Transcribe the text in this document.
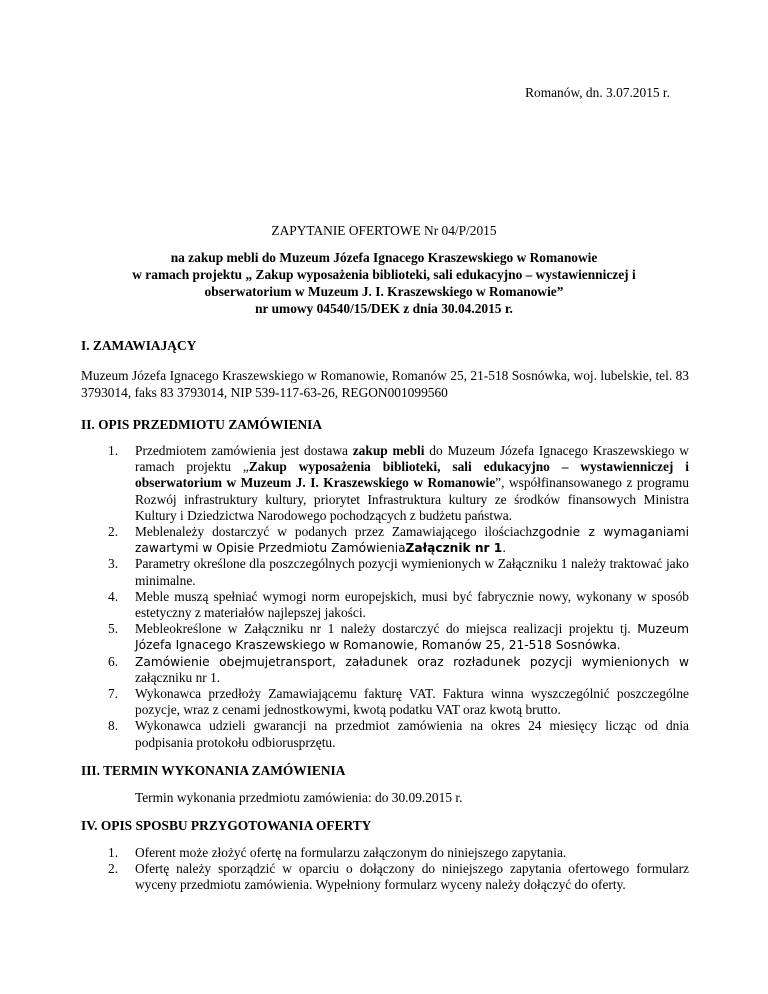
Romanów, dn. 3.07.2015 r.
ZAPYTANIE OFERTOWE Nr 04/P/2015
na zakup mebli do Muzeum Józefa Ignacego Kraszewskiego w Romanowie
w ramach projektu „ Zakup wyposażenia biblioteki, sali edukacyjno – wystawienniczej i
obserwatorium w Muzeum J. I. Kraszewskiego w Romanowie”
nr umowy 04540/15/DEK z dnia 30.04.2015 r.
I. ZAMAWIAJĄCY
Muzeum Józefa Ignacego Kraszewskiego w Romanowie, Romanów 25, 21-518 Sosnówka, woj. lubelskie, tel. 83 3793014, faks 83 3793014, NIP 539-117-63-26, REGON001099560
II. OPIS PRZEDMIOTU ZAMÓWIENIA
1. Przedmiotem zamówienia jest dostawa zakup mebli do Muzeum Józefa Ignacego Kraszewskiego w ramach projektu „Zakup wyposażenia biblioteki, sali edukacyjno – wystawienniczej i obserwatorium w Muzeum J. I. Kraszewskiego w Romanowie”, współfinansowanego z programu Rozwój infrastruktury kultury, priorytet Infrastruktura kultury ze środków finansowych Ministra Kultury i Dziedzictwa Narodowego pochodzących z budżetu państwa.
2. Meblenależy dostarczyć w podanych przez Zamawiającego ilościachzgodnie z wymaganiami zawartymi w Opisie Przedmiotu ZamówieniaZałącznik nr 1.
3. Parametry określone dla poszczególnych pozycji wymienionych w Załączniku 1 należy traktować jako minimalne.
4. Meble muszą spełniać wymogi norm europejskich, musi być fabrycznie nowy, wykonany w sposób estetyczny z materiałów najlepszej jakości.
5. Mebleokreślone w Załączniku nr 1 należy dostarczyć do miejsca realizacji projektu tj. Muzeum Józefa Ignacego Kraszewskiego w Romanowie, Romanów 25, 21-518 Sosnówka.
6. Zamówienie obejmujetransport, załadunek oraz rozładunek pozycji wymienionych w załączniku nr 1.
7. Wykonawca przedłoży Zamawiającemu fakturę VAT. Faktura winna wyszczególnić poszczególne pozycje, wraz z cenami jednostkowymi, kwotą podatku VAT oraz kwotą brutto.
8. Wykonawca udzieli gwarancji na przedmiot zamówienia na okres 24 miesięcy licząc od dnia podpisania protokołu odbiorusprzętu.
III. TERMIN WYKONANIA ZAMÓWIENIA
Termin wykonania przedmiotu zamówienia: do 30.09.2015 r.
IV. OPIS SPOSBU PRZYGOTOWANIA OFERTY
1. Oferent może złożyć ofertę na formularzu załączonym do niniejszego zapytania.
2. Ofertę należy sporządzić w oparciu o dołączony do niniejszego zapytania ofertowego formularz wyceny przedmiotu zamówienia. Wypełniony formularz wyceny należy dołączyć do oferty.
